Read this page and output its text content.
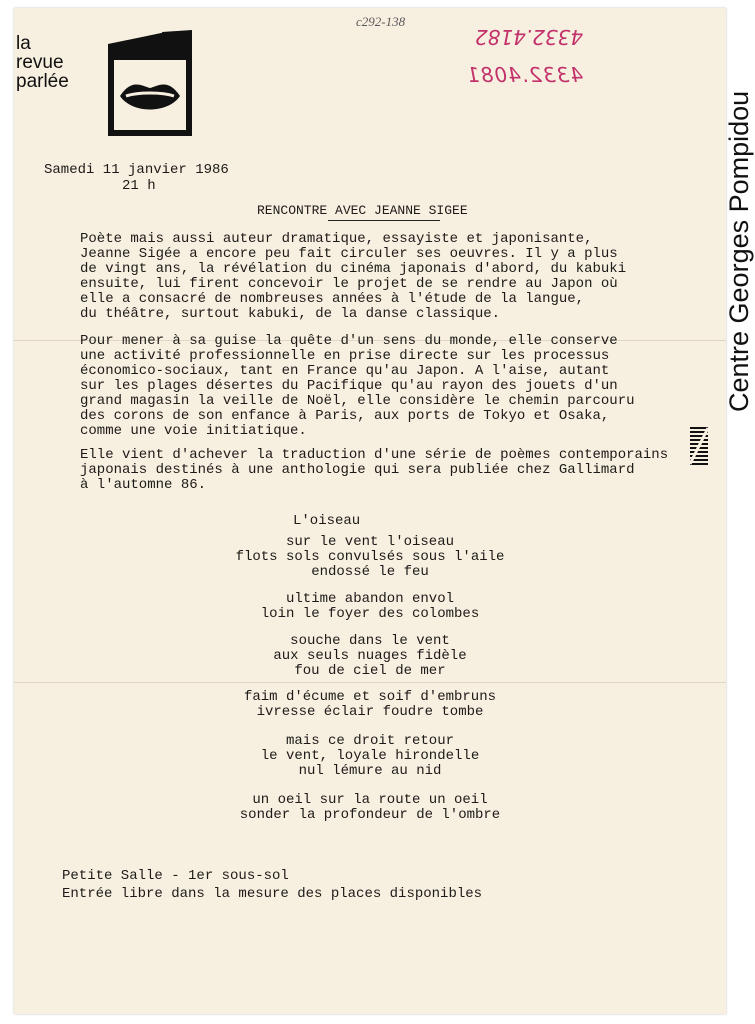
la
revue
parlée
c292-138
4332.4182
4332.4081
Centre Georges Pompidou
Samedi 11 janvier 1986
21 h
RENCONTRE AVEC JEANNE SIGEE
Poète mais aussi auteur dramatique, essayiste et japonisante,
Jeanne Sigée a encore peu fait circuler ses oeuvres. Il y a plus
de vingt ans, la révélation du cinéma japonais d'abord, du kabuki
ensuite, lui firent concevoir le projet de se rendre au Japon où
elle a consacré de nombreuses années à l'étude de la langue,
du théâtre, surtout kabuki, de la danse classique.
Pour mener à sa guise la quête d'un sens du monde, elle conserve
une activité professionnelle en prise directe sur les processus
économico-sociaux, tant en France qu'au Japon. A l'aise, autant
sur les plages désertes du Pacifique qu'au rayon des jouets d'un
grand magasin la veille de Noël, elle considère le chemin parcouru
des corons de son enfance à Paris, aux ports de Tokyo et Osaka,
comme une voie initiatique.
Elle vient d'achever la traduction d'une série de poèmes contemporains
japonais destinés à une anthologie qui sera publiée chez Gallimard
à l'automne 86.
L'oiseau
sur le vent l'oiseau
flots sols convulsés sous l'aile
endossé le feu
ultime abandon envol
loin le foyer des colombes
souche dans le vent
aux seuls nuages fidèle
fou de ciel de mer
faim d'écume et soif d'embruns
ivresse éclair foudre tombe
mais ce droit retour
le vent, loyale hirondelle
nul lémure au nid
un oeil sur la route un oeil
sonder la profondeur de l'ombre
Petite Salle - 1er sous-sol
Entrée libre dans la mesure des places disponibles
